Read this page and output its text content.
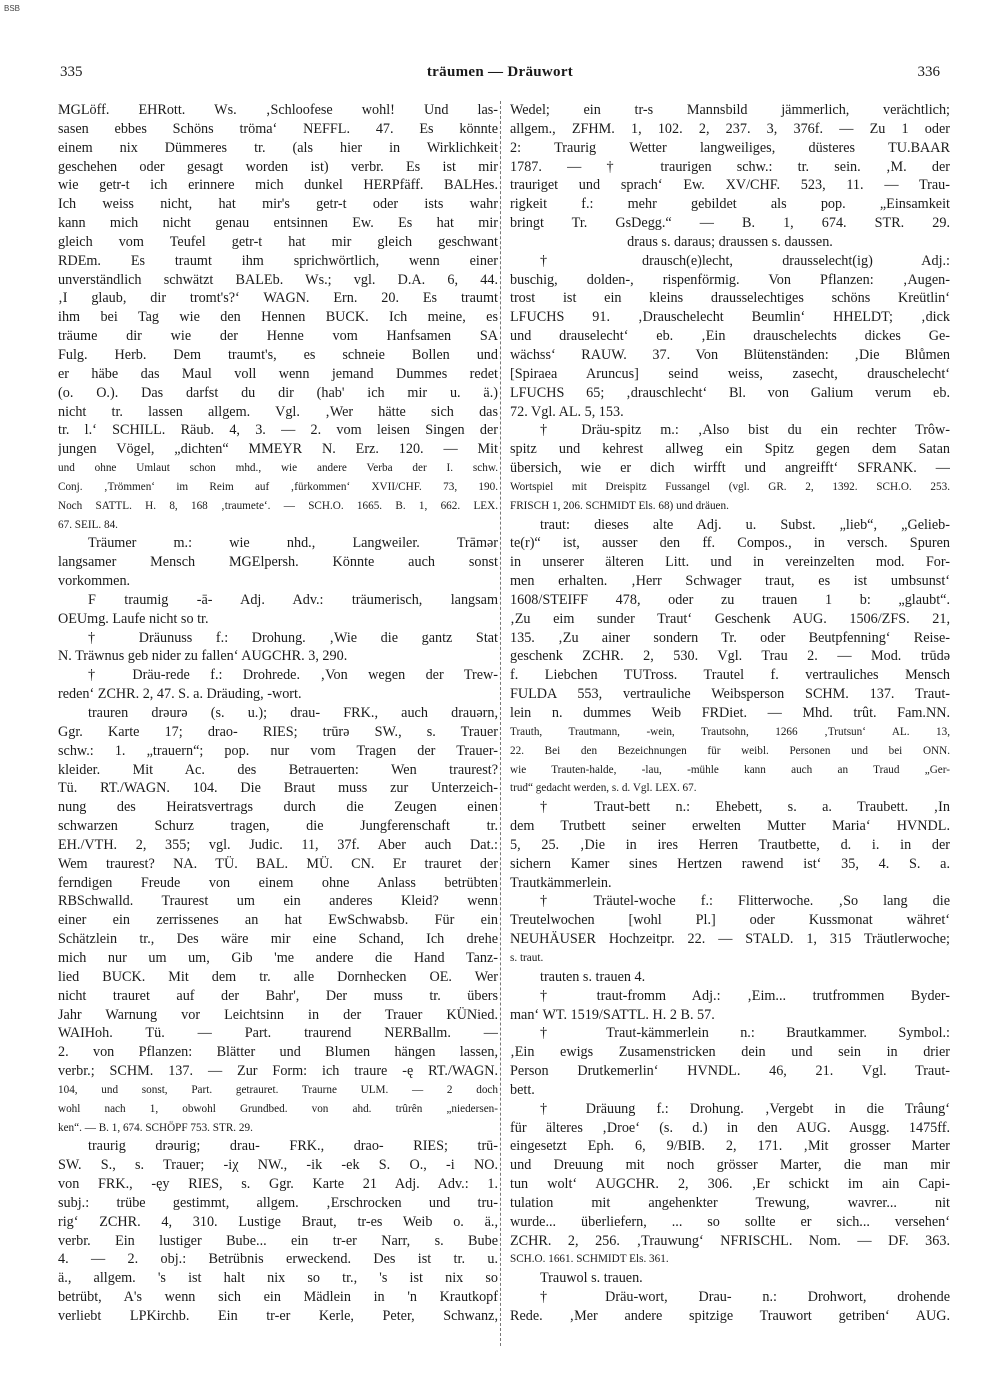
BSB
335	träumen — Dräuwort	336
MGLöff. EHRott. Ws. ‚Schloofese wohl! Und las-
sasen ebbes Schöns tröma‘ NEFFL. 47. Es könnte
einem nix Dümmeres tr. (als hier in Wirklichkeit
geschehen oder gesagt worden ist) verbr. Es ist mir
wie getr-t ich erinnere mich dunkel HERPfäff. BALHes.
Ich weiss nicht, hat mir's getr-t oder ists wahr
kann mich nicht genau entsinnen Ew. Es hat mir
gleich vom Teufel getr-t hat mir gleich geschwant
RDEm. Es traumt ihm sprichwörtlich, wenn einer
unverständlich schwätzt BALEb. Ws.; vgl. D.A. 6, 44.
‚I glaub, dir tromt's?‘ WAGN. Ern. 20. Es traumt
ihm bei Tag wie den Hennen BUCK. Ich meine, es
träume dir wie der Henne vom Hanfsamen SA
Fulg. Herb. Dem traumt's, es schneie Bollen und
er häbe das Maul voll wenn jemand Dummes redet
(o. O.). Das darfst du dir (hab' ich mir u. ä.)
nicht tr. lassen allgem. Vgl. ‚Wer hätte sich das
tr. l.‘ SCHILL. Räub. 4, 3. — 2. vom leisen Singen der
jungen Vögel, „dichten“ MMEYR N. Erz. 120. — Mit
und ohne Umlaut schon mhd., wie andere Verba der I. schw.
Conj. ‚Trömmen‘ im Reim auf ‚fürkommen‘ XVII/CHF. 73, 190.
Noch SATTL. H. 8, 168 ‚traumete‘. — SCH.O. 1665. B. 1, 662. LEX.
67. SEIL. 84.
Träumer m.: wie nhd., Langweiler. Trāmər
langsamer Mensch MGElpersh. Könnte auch sonst
vorkommen.
F traumig -ā- Adj. Adv.: träumerisch, langsam
OEUmg. Laufe nicht so tr.
† Dräunuss f.: Drohung. ‚Wie die gantz Stat
N. Träwnus geb nider zu fallen‘ AUGCHR. 3, 290.
† Dräu-rede f.: Drohrede. ‚Von wegen der Trew-
reden‘ ZCHR. 2, 47. S. a. Dräuding, -wort.
trauren drəurə (s. u.); drau- FRK., auch drauərn,
Ggr. Karte 17; drao- RIES; trūrə SW., s. Trauer
schw.: 1. „trauern“; pop. nur vom Tragen der Trauer-
kleider. Mit Ac. des Betrauerten: Wen traurest?
Tü. RT./WAGN. 104. Die Braut muss zur Unterzeich-
nung des Heiratsvertrags durch die Zeugen einen
schwarzen Schurz tragen, die Jungferenschaft tr.
EH./VTH. 2, 355; vgl. Judic. 11, 37f. Aber auch Dat.:
Wem traurest? NA. TÜ. BAL. MÜ. CN. Er trauret der
ferndigen Freude von einem ohne Anlass betrübten
RBSchwalld. Traurest um ein anderes Kleid? wenn
einer ein zerrissenes an hat EwSchwabsb. Für ein
Schätzlein tr., Des wäre mir eine Schand, Ich drehe
mich nur um um, Gib 'me andere die Hand Tanz-
lied BUCK. Mit dem tr. alle Dornhecken OE. Wer
nicht trauret auf der Bahr', Der muss tr. übers
Jahr Warnung vor Leichtsinn in der Trauer KÜNied.
WAIHoh. Tü. — Part. traurend NERBallm. —
2. von Pflanzen: Blätter und Blumen hängen lassen,
verbr.; SCHM. 137. — Zur Form: ich traure -ę RT./WAGN.
104, und sonst, Part. getrauret. Traurne ULM. — 2 doch
wohl nach 1, obwohl Grundbed. von ahd. trûrên „niedersen-
ken“. — B. 1, 674. SCHÖPF 753. STR. 29.
traurig drəurig; drau- FRK., drao- RIES; trū-
SW. S., s. Trauer; -iχ NW., -ik -ek S. O., -i NO.
von FRK., -ęy RIES, s. Ggr. Karte 21 Adj. Adv.: 1.
subj.: trübe gestimmt, allgem. ‚Erschrocken und tru-
rig‘ ZCHR. 4, 310. Lustige Braut, tr-es Weib o. ä.,
verbr. Ein lustiger Bube... ein tr-er Narr, s. Bube
4. — 2. obj.: Betrübnis erweckend. Des ist tr. u.
ä., allgem. 's ist halt nix so tr., 's ist nix so
betrübt, A's wenn sich ein Mädlein in 'n Krautkopf
verliebt LPKirchb. Ein tr-er Kerle, Peter, Schwanz,
Wedel; ein tr-s Mannsbild jämmerlich, verächtlich;
allgem., ZFHM. 1, 102. 2, 237. 3, 376f. — Zu 1 oder
2: Traurig Wetter langweiliges, düsteres TU.BAAR
1787. — † traurigen schw.: tr. sein. ‚M. der
trauriget und sprach‘ Ew. XV/CHF. 523, 11. — Trau-
rigkeit f.: mehr gebildet als pop. „Einsamkeit
bringt Tr. GsDegg.“ — B. 1, 674. STR. 29.
draus s. daraus; draussen s. daussen.
† drausch(e)lecht, drausselecht(ig) Adj.:
buschig, dolden-, rispenförmig. Von Pflanzen: ‚Augen-
trost ist ein kleins drausselechtiges schöns Kreütlin‘
LFUCHS 91. ‚Drauschelecht Beumlin‘ HHELDT; ‚dick
und drauselecht‘ eb. ‚Ein drauschelechts dickes Ge-
wächss‘ RAUW. 37. Von Blütenständen: ‚Die Blůmen
[Spiraea Aruncus] seind weiss, zasecht, drauschelecht‘
LFUCHS 65; ‚drauschlecht‘ Bl. von Galium verum eb.
72. Vgl. AL. 5, 153.
† Dräu-spitz m.: ‚Also bist du ein rechter Trôw-
spitz und kehrest allweg ein Spitz gegen dem Satan
übersich, wie er dich wirfft und angreifft‘ SFRANK. —
Wortspiel mit Dreispitz Fussangel (vgl. GR. 2, 1392. SCH.O. 253.
FRISCH 1, 206. SCHMIDT Els. 68) und dräuen.
traut: dieses alte Adj. u. Subst. „lieb“, „Gelieb-
te(r)“ ist, ausser den ff. Compos., in versch. Spuren
in unserer älteren Litt. und in vereinzelten mod. For-
men erhalten. ‚Herr Schwager traut, es ist umbsunst‘
1608/STEIFF 478, oder zu trauen 1 b: „glaubt“.
‚Zu eim sunder Traut‘ Geschenk AUG. 1506/ZFS. 21,
135. ‚Zu ainer sondern Tr. oder Beutpfenning‘ Reise-
geschenk ZCHR. 2, 530. Vgl. Trau 2. — Mod. trūdə
f. Liebchen TUTross. Trautel f. vertrauliches Mensch
FULDA 553, vertrauliche Weibsperson SCHM. 137. Traut-
lein n. dummes Weib FRDiet. — Mhd. trût. Fam.NN.
Trauth, Trautmann, -wein, Trautsohn, 1266 ‚Trutsun‘ AL. 13,
22. Bei den Bezeichnungen für weibl. Personen und bei ONN.
wie Trauten-halde, -lau, -mühle kann auch an Traud „Ger-
trud“ gedacht werden, s. d. Vgl. LEX. 67.
† Traut-bett n.: Ehebett, s. a. Traubett. ‚In
dem Trutbett seiner erwelten Mutter Maria‘ HVNDL.
5, 25. ‚Die in ires Herren Trautbette, d. i. in der
sichern Kamer sines Hertzen rawend ist‘ 35, 4. S. a.
Trautkämmerlein.
† Träutel-woche f.: Flitterwoche. ‚So lang die
Treutelwochen [wohl Pl.] oder Kussmonat währet‘
NEUHÄUSER Hochzeitpr. 22. — STALD. 1, 315 Träutlerwoche;
s. traut.
trauten s. trauen 4.
† traut-fromm Adj.: ‚Eim... trutfrommen Byder-
man‘ WT. 1519/SATTL. H. 2 B. 57.
† Traut-kämmerlein n.: Brautkammer. Symbol.:
‚Ein ewigs Zusamenstricken dein und sein in drier
Person Drutkemerlin‘ HVNDL. 46, 21. Vgl. Traut-
bett.
† Dräuung f.: Drohung. ‚Vergebt in die Trâung‘
für älteres ‚Droe‘ (s. d.) in den AUG. Ausgg. 1475ff.
eingesetzt Eph. 6, 9/BIB. 2, 171. ‚Mit grosser Marter
und Dreuung mit noch grösser Marter, die man mir
tun wolt‘ AUGCHR. 2, 306. ‚Er schickt im ain Capi-
tulation mit angehenkter Trewung, wavrer... nit
wurde... überliefern, ... so sollte er sich... versehen‘
ZCHR. 2, 256. ‚Trauwung‘ NFRISCHL. Nom. — DF. 363.
SCH.O. 1661. SCHMIDT Els. 361.
Trauwol s. trauen.
† Dräu-wort, Drau- n.: Drohwort, drohende
Rede. ‚Mer andere spitzige Trauwort getriben‘ AUG.
